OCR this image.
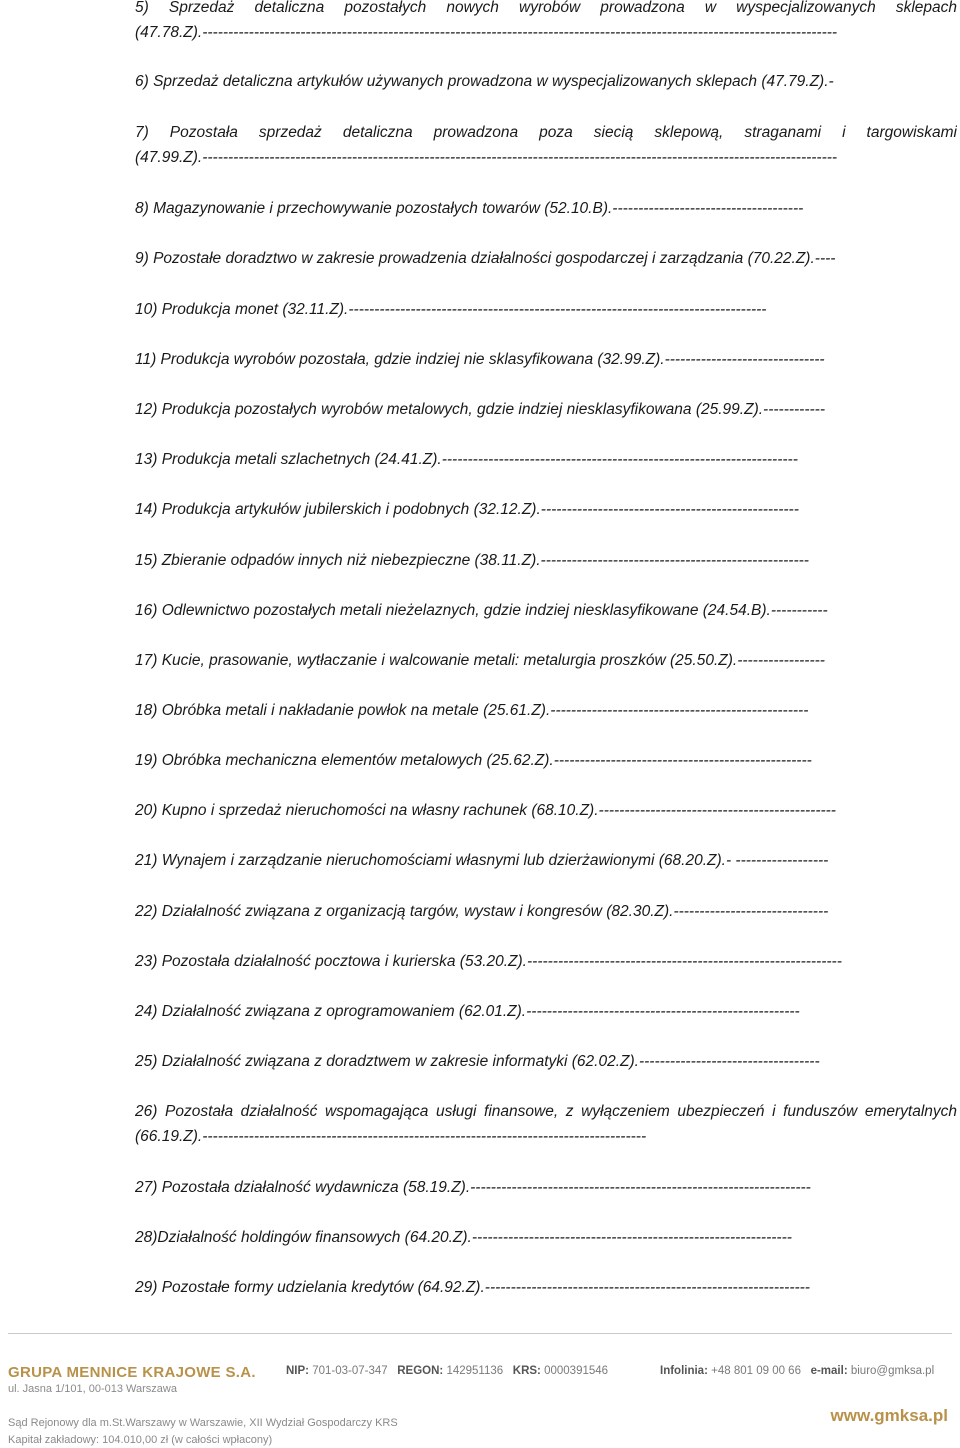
5) Sprzedaż detaliczna pozostałych nowych wyrobów prowadzona w wyspecjalizowanych sklepach (47.78.Z).---------------------------------------------------------------------------------------------------------------------------
6) Sprzedaż detaliczna artykułów używanych prowadzona w wyspecjalizowanych sklepach (47.79.Z).-
7) Pozostała sprzedaż detaliczna prowadzona poza siecią sklepową, straganami i targowiskami (47.99.Z).---------------------------------------------------------------------------------------------------------------------------
8) Magazynowanie i przechowywanie pozostałych towarów (52.10.B).-------------------------------------
9) Pozostałe doradztwo w zakresie prowadzenia działalności gospodarczej i zarządzania (70.22.Z).----
10) Produkcja monet (32.11.Z).---------------------------------------------------------------------------------
11) Produkcja wyrobów pozostała, gdzie indziej nie sklasyfikowana (32.99.Z).-------------------------------
12) Produkcja pozostałych wyrobów metalowych, gdzie indziej niesklasyfikowana (25.99.Z).------------
13) Produkcja metali szlachetnych (24.41.Z).---------------------------------------------------------------------
14) Produkcja artykułów jubilerskich i podobnych (32.12.Z).--------------------------------------------------
15) Zbieranie odpadów innych niż niebezpieczne (38.11.Z).----------------------------------------------------
16) Odlewnictwo pozostałych metali nieżelaznych, gdzie indziej niesklasyfikowane (24.54.B).-----------
17) Kucie, prasowanie, wytłaczanie i walcowanie metali: metalurgia proszków (25.50.Z).-----------------
18) Obróbka metali i nakładanie powłok na metale (25.61.Z).--------------------------------------------------
19) Obróbka mechaniczna elementów metalowych (25.62.Z).--------------------------------------------------
20) Kupno i sprzedaż nieruchomości na własny rachunek (68.10.Z).----------------------------------------------
21) Wynajem i zarządzanie nieruchomościami własnymi lub dzierżawionymi (68.20.Z).- ------------------
22) Działalność związana z organizacją targów, wystaw i kongresów (82.30.Z).------------------------------
23) Pozostała działalność pocztowa i kurierska (53.20.Z).-------------------------------------------------------------
24) Działalność związana z oprogramowaniem (62.01.Z).-----------------------------------------------------
25) Działalność związana z doradztwem w zakresie informatyki (62.02.Z).-----------------------------------
26) Pozostała działalność wspomagająca usługi finansowe, z wyłączeniem ubezpieczeń i funduszów emerytalnych (66.19.Z).--------------------------------------------------------------------------------------
27) Pozostała działalność wydawnicza (58.19.Z).------------------------------------------------------------------
28)Działalność holdingów finansowych (64.20.Z).--------------------------------------------------------------
29) Pozostałe formy udzielania kredytów (64.92.Z).---------------------------------------------------------------
GRUPA MENNICE KRAJOWE S.A.
ul. Jasna 1/101, 00-013 Warszawa
NIP: 701-03-07-347 REGON: 142951136 KRS: 0000391546	Infolinia: +48 801 09 00 66 e-mail: biuro@gmksa.pl
Sąd Rejonowy dla m.St.Warszawy w Warszawie, XII Wydział Gospodarczy KRS
Kapitał zakładowy: 104.010,00 zł (w całości wpłacony)
www.gmksa.pl
